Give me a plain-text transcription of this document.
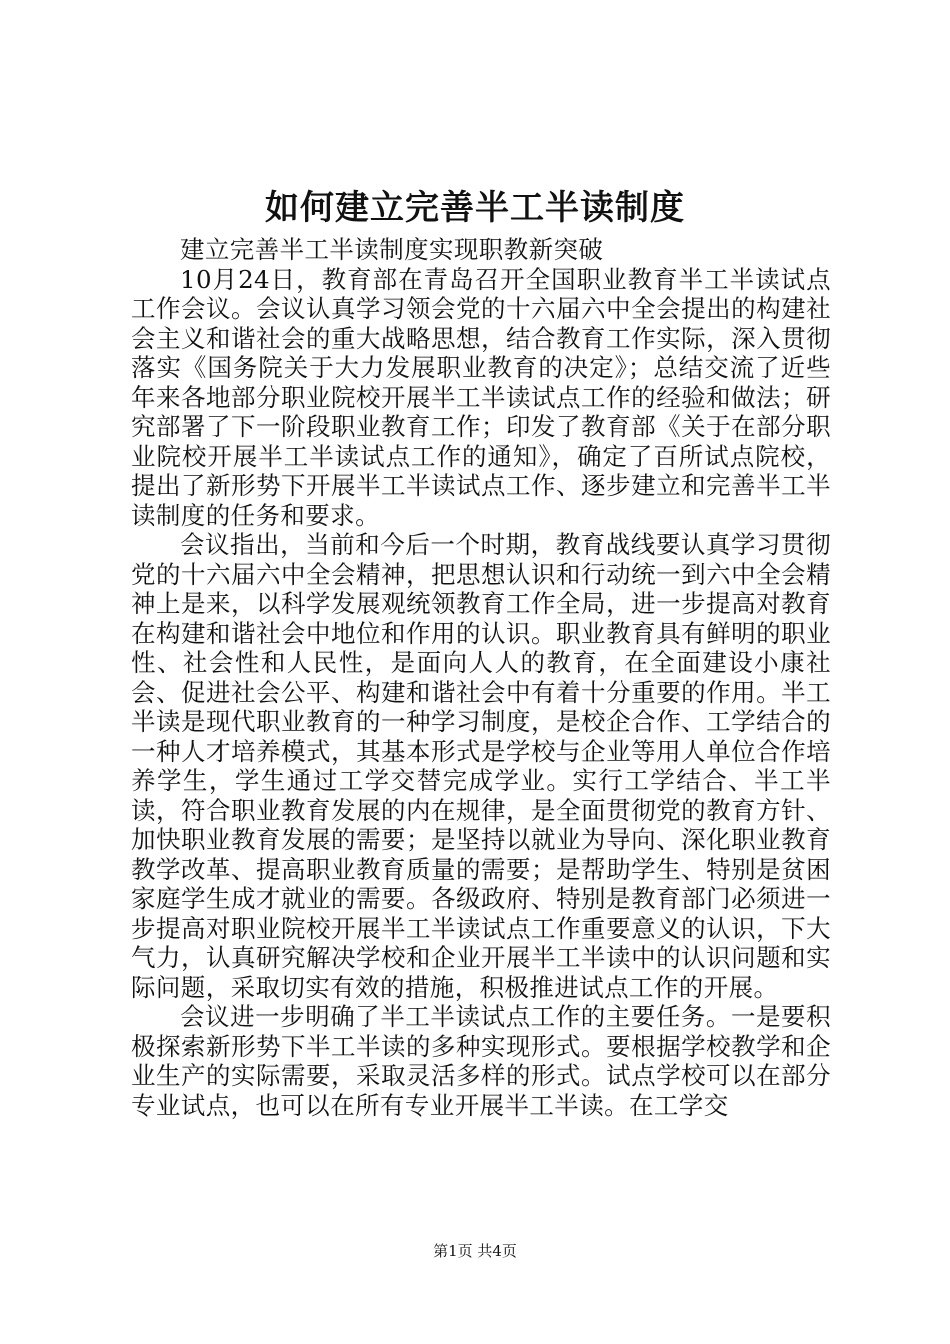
如何建立完善半工半读制度

建立完善半工半读制度实现职教新突破

10月24日，教育部在青岛召开全国职业教育半工半读试点工作会议。会议认真学习领会党的十六届六中全会提出的构建社会主义和谐社会的重大战略思想，结合教育工作实际，深入贯彻落实《国务院关于大力发展职业教育的决定》；总结交流了近些年来各地部分职业院校开展半工半读试点工作的经验和做法；研究部署了下一阶段职业教育工作；印发了教育部《关于在部分职业院校开展半工半读试点工作的通知》，确定了百所试点院校，提出了新形势下开展半工半读试点工作、逐步建立和完善半工半读制度的任务和要求。

会议指出，当前和今后一个时期，教育战线要认真学习贯彻党的十六届六中全会精神，把思想认识和行动统一到六中全会精神上是来，以科学发展观统领教育工作全局，进一步提高对教育在构建和谐社会中地位和作用的认识。职业教育具有鲜明的职业性、社会性和人民性，是面向人人的教育，在全面建设小康社会、促进社会公平、构建和谐社会中有着十分重要的作用。半工半读是现代职业教育的一种学习制度，是校企合作、工学结合的一种人才培养模式，其基本形式是学校与企业等用人单位合作培养学生，学生通过工学交替完成学业。实行工学结合、半工半读，符合职业教育发展的内在规律，是全面贯彻党的教育方针、加快职业教育发展的需要；是坚持以就业为导向、深化职业教育教学改革、提高职业教育质量的需要；是帮助学生、特别是贫困家庭学生成才就业的需要。各级政府、特别是教育部门必须进一步提高对职业院校开展半工半读试点工作重要意义的认识，下大气力，认真研究解决学校和企业开展半工半读中的认识问题和实际问题，采取切实有效的措施，积极推进试点工作的开展。

会议进一步明确了半工半读试点工作的主要任务。一是要积极探索新形势下半工半读的多种实现形式。要根据学校教学和企业生产的实际需要，采取灵活多样的形式。试点学校可以在部分专业试点，也可以在所有专业开展半工半读。在工学交

第1页 共4页
